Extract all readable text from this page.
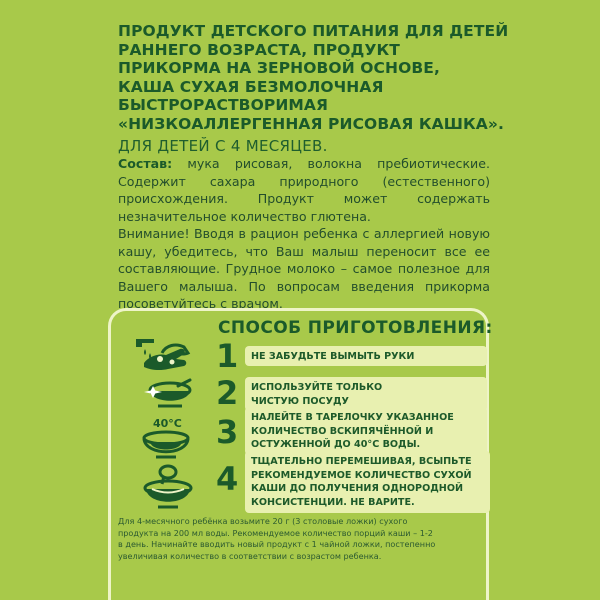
ПРОДУКТ ДЕТСКОГО ПИТАНИЯ ДЛЯ ДЕТЕЙ
РАННЕГО ВОЗРАСТА, ПРОДУКТ
ПРИКОРМА НА ЗЕРНОВОЙ ОСНОВЕ,
КАША СУХАЯ БЕЗМОЛОЧНАЯ
БЫСТРОРАСТВОРИМАЯ
«НИЗКОАЛЛЕРГЕННАЯ РИСОВАЯ КАШКА».
ДЛЯ ДЕТЕЙ С 4 МЕСЯЦЕВ.

Состав: мука рисовая, волокна пребиотические. Содержит сахара природного (естественного) происхождения. Продукт может содержать незначительное количество глютена.

Внимание! Вводя в рацион ребенка с аллергией новую кашу, убедитесь, что Ваш малыш переносит все ее составляющие. Грудное молоко – самое полезное для Вашего малыша. По вопросам введения прикорма посоветуйтесь с врачом.

СПОСОБ ПРИГОТОВЛЕНИЯ:
40°C
1 НЕ ЗАБУДЬТЕ ВЫМЫТЬ РУКИ
2 ИСПОЛЬЗУЙТЕ ТОЛЬКО
ЧИСТУЮ ПОСУДУ
3 НАЛЕЙТЕ В ТАРЕЛОЧКУ УКАЗАННОЕ
КОЛИЧЕСТВО ВСКИПЯЧЁННОЙ И
ОСТУЖЕННОЙ ДО 40°С ВОДЫ.
4 ТЩАТЕЛЬНО ПЕРЕМЕШИВАЯ, ВСЫПЬТЕ
РЕКОМЕНДУЕМОЕ КОЛИЧЕСТВО СУХОЙ
КАШИ ДО ПОЛУЧЕНИЯ ОДНОРОДНОЙ
КОНСИСТЕНЦИИ. НЕ ВАРИТЕ.
Для 4-месячного ребёнка возьмите 20 г (3 столовые ложки) сухого
продукта на 200 мл воды. Рекомендуемое количество порций каши – 1-2
в день. Начинайте вводить новый продукт с 1 чайной ложки, постепенно
увеличивая количество в соответствии с возрастом ребенка.
